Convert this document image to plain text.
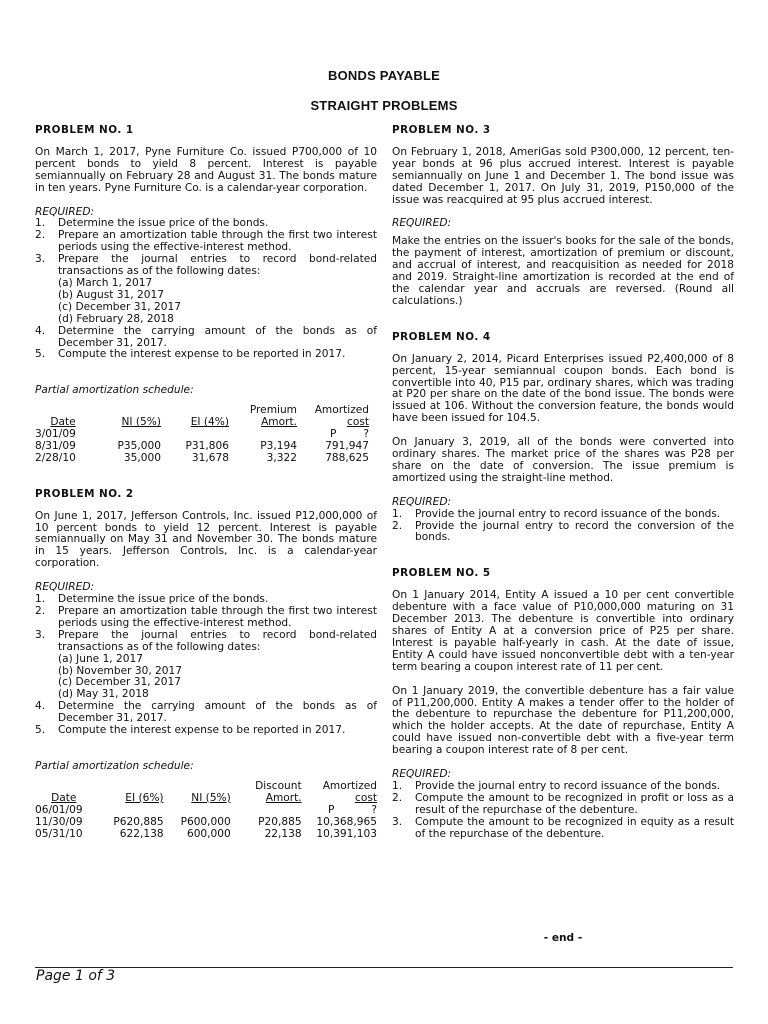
BONDS PAYABLE
STRAIGHT PROBLEMS

PROBLEM NO. 1

On March 1, 2017, Pyne Furniture Co. issued P700,000 of 10 percent bonds to yield 8 percent. Interest is payable semiannually on February 28 and August 31. The bonds mature in ten years. Pyne Furniture Co. is a calendar-year corporation.

REQUIRED:

1. Determine the issue price of the bonds.
2. Prepare an amortization table through the first two interest periods using the effective-interest method.
3. Prepare the journal entries to record bond-related transactions as of the following dates:
(a) March 1, 2017
(b) August 31, 2017
(c) December 31, 2017
(d) February 28, 2018
4. Determine the carrying amount of the bonds as of December 31, 2017.
5. Compute the interest expense to be reported in 2017.

Partial amortization schedule:

			Premium	Amortized
Date	NI (5%)	EI (4%)	Amort.	cost
3/01/09				P        ?
8/31/09	P35,000	P31,806	P3,194	791,947
2/28/10	35,000	31,678	3,322	788,625

PROBLEM NO. 2

On June 1, 2017, Jefferson Controls, Inc. issued P12,000,000 of 10 percent bonds to yield 12 percent. Interest is payable semiannually on May 31 and November 30. The bonds mature in 15 years. Jefferson Controls, Inc. is a calendar-year corporation.

REQUIRED:

1. Determine the issue price of the bonds.
2. Prepare an amortization table through the first two interest periods using the effective-interest method.
3. Prepare the journal entries to record bond-related transactions as of the following dates:
(a) June 1, 2017
(b) November 30, 2017
(c) December 31, 2017
(d) May 31, 2018
4. Determine the carrying amount of the bonds as of December 31, 2017.
5. Compute the interest expense to be reported in 2017.

Partial amortization schedule:

			Discount	Amortized
Date	EI (6%)	NI (5%)	Amort.	cost
06/01/09				P           ?
11/30/09	P620,885	P600,000	P20,885	10,368,965
05/31/10	622,138	600,000	22,138	10,391,103

PROBLEM NO. 3

On February 1, 2018, AmeriGas sold P300,000, 12 percent, ten-year bonds at 96 plus accrued interest. Interest is payable semiannually on June 1 and December 1. The bond issue was dated December 1, 2017. On July 31, 2019, P150,000 of the issue was reacquired at 95 plus accrued interest.

REQUIRED:

Make the entries on the issuer's books for the sale of the bonds, the payment of interest, amortization of premium or discount, and accrual of interest, and reacquisition as needed for 2018 and 2019. Straight-line amortization is recorded at the end of the calendar year and accruals are reversed. (Round all calculations.)

PROBLEM NO. 4

On January 2, 2014, Picard Enterprises issued P2,400,000 of 8 percent, 15-year semiannual coupon bonds. Each bond is convertible into 40, P15 par, ordinary shares, which was trading at P20 per share on the date of the bond issue. The bonds were issued at 106. Without the conversion feature, the bonds would have been issued for 104.5.

On January 3, 2019, all of the bonds were converted into ordinary shares. The market price of the shares was P28 per share on the date of conversion. The issue premium is amortized using the straight-line method.

REQUIRED:

1. Provide the journal entry to record issuance of the bonds.
2. Provide the journal entry to record the conversion of the bonds.

PROBLEM NO. 5

On 1 January 2014, Entity A issued a 10 per cent convertible debenture with a face value of P10,000,000 maturing on 31 December 2013. The debenture is convertible into ordinary shares of Entity A at a conversion price of P25 per share. Interest is payable half-yearly in cash. At the date of issue, Entity A could have issued nonconvertible debt with a ten-year term bearing a coupon interest rate of 11 per cent.

On 1 January 2019, the convertible debenture has a fair value of P11,200,000. Entity A makes a tender offer to the holder of the debenture to repurchase the debenture for P11,200,000, which the holder accepts. At the date of repurchase, Entity A could have issued non-convertible debt with a five-year term bearing a coupon interest rate of 8 per cent.

REQUIRED:

1. Provide the journal entry to record issuance of the bonds.
2. Compute the amount to be recognized in profit or loss as a result of the repurchase of the debenture.
3. Compute the amount to be recognized in equity as a result of the repurchase of the debenture.
- end -
Page 1 of 3
